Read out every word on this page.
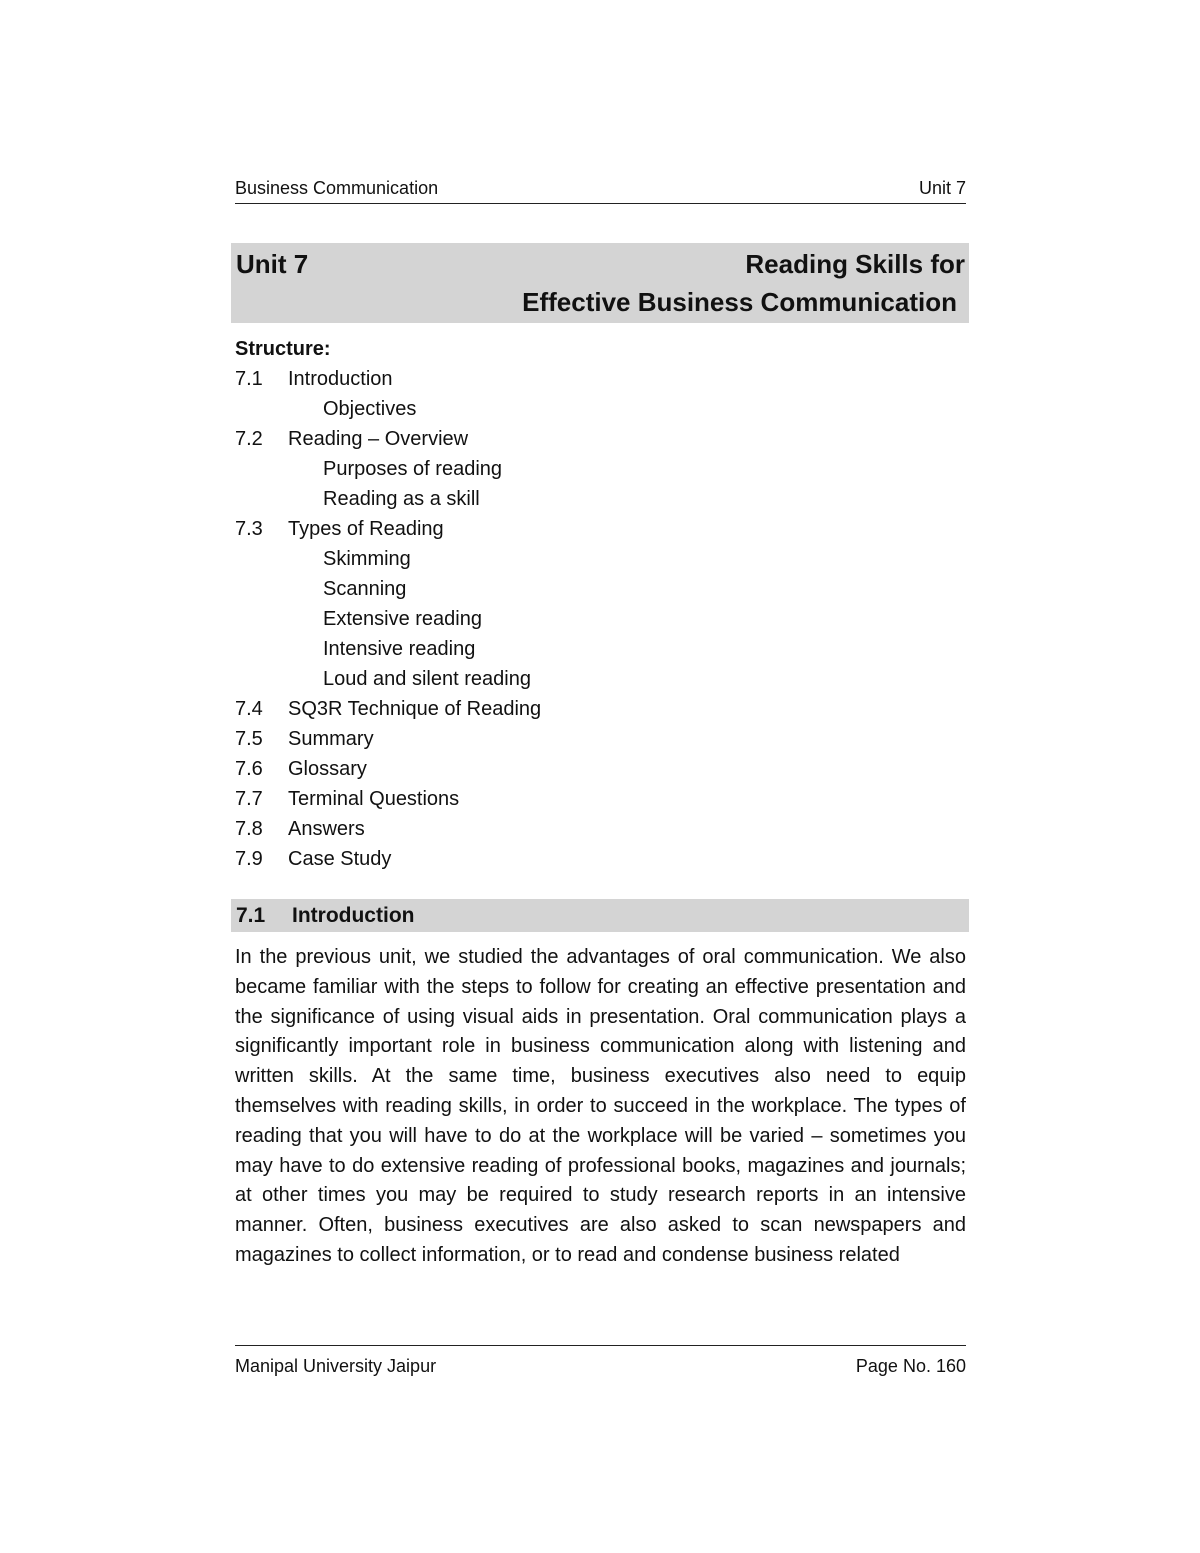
Business Communication	Unit 7
Unit 7	Reading Skills for
Effective Business Communication
Structure:
7.1 Introduction
Objectives
7.2 Reading – Overview
Purposes of reading
Reading as a skill
7.3 Types of Reading
Skimming
Scanning
Extensive reading
Intensive reading
Loud and silent reading
7.4 SQ3R Technique of Reading
7.5 Summary
7.6 Glossary
7.7 Terminal Questions
7.8 Answers
7.9 Case Study
7.1 Introduction

In the previous unit, we studied the advantages of oral communication. We also became familiar with the steps to follow for creating an effective presentation and the significance of using visual aids in presentation. Oral communication plays a significantly important role in business communication along with listening and written skills. At the same time, business executives also need to equip themselves with reading skills, in order to succeed in the workplace. The types of reading that you will have to do at the workplace will be varied – sometimes you may have to do extensive reading of professional books, magazines and journals; at other times you may be required to study research reports in an intensive manner. Often, business executives are also asked to scan newspapers and magazines to collect information, or to read and condense business related

Manipal University Jaipur	Page No. 160
